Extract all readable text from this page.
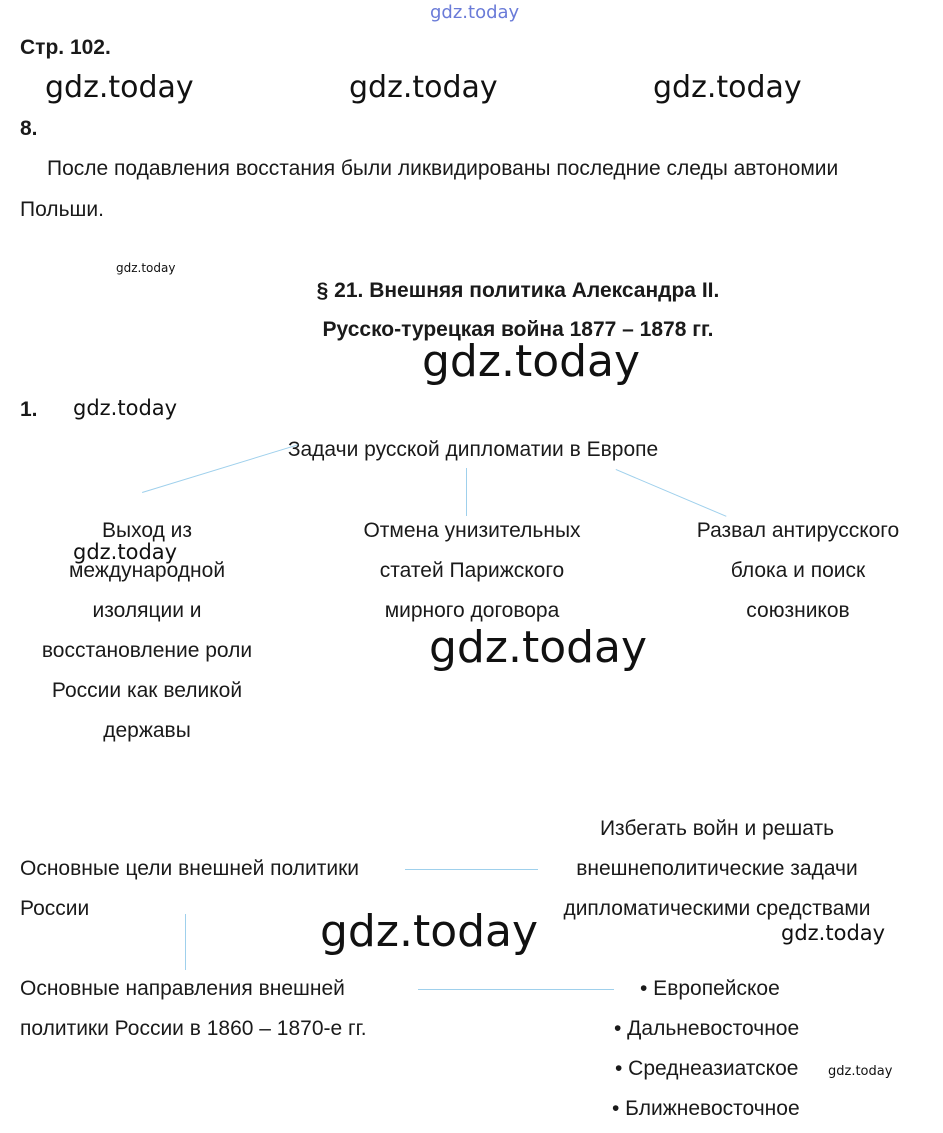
gdz.today
Стр. 102.
gdz.today	gdz.today	gdz.today
8.
После подавления восстания были ликвидированы последние следы автономии
Польши.
gdz.today
§ 21. Внешняя политика Александра II.
Русско-турецкая война 1877 – 1878 гг.
gdz.today
1. gdz.today
Задачи русской дипломатии в Европе
Выход из
международной
изоляции и
восстановление роли
России как великой
державы
Отмена унизительных
статей Парижского
мирного договора
Развал антирусского
блока и поиск
союзников
gdz.today
gdz.today
Основные цели внешней политики
России
Избегать войн и решать
внешнеполитические задачи
дипломатическими средствами
gdz.today	gdz.today
Основные направления внешней
политики России в 1860 – 1870-е гг.
• Европейское
• Дальневосточное
• Среднеазиатское
• Ближневосточное
gdz.today
